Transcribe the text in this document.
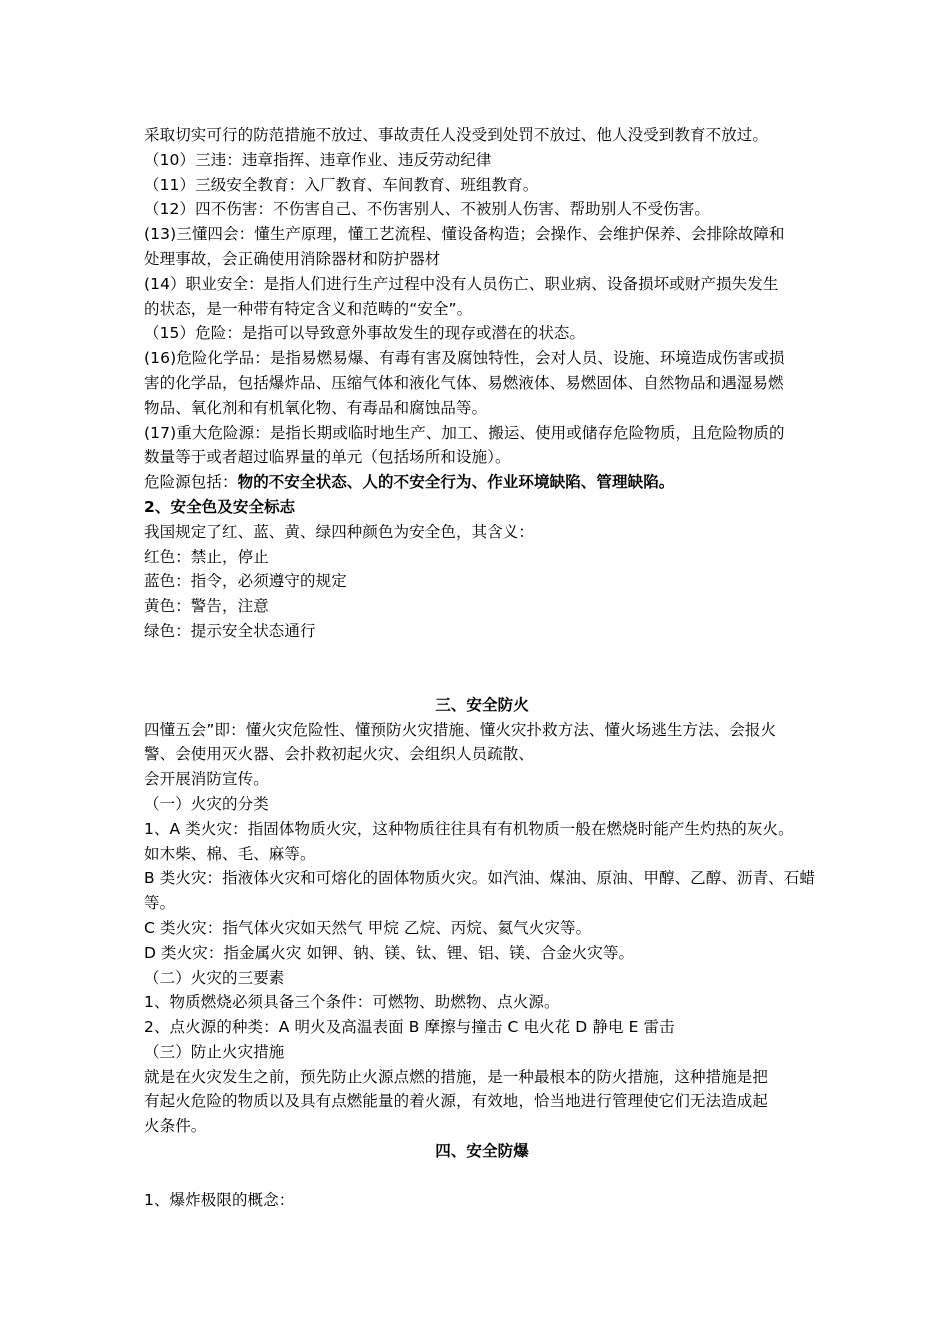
采取切实可行的防范措施不放过、事故责任人没受到处罚不放过、他人没受到教育不放过。
（10）三违：违章指挥、违章作业、违反劳动纪律
（11）三级安全教育：入厂教育、车间教育、班组教育。
（12）四不伤害：不伤害自己、不伤害别人、不被别人伤害、帮助别人不受伤害。
(13)三懂四会：懂生产原理，懂工艺流程、懂设备构造；会操作、会维护保养、会排除故障和
处理事故，会正确使用消除器材和防护器材
(14）职业安全：是指人们进行生产过程中没有人员伤亡、职业病、设备损坏或财产损失发生
的状态，是一种带有特定含义和范畴的“安全”。
（15）危险：是指可以导致意外事故发生的现存或潜在的状态。
(16)危险化学品：是指易燃易爆、有毒有害及腐蚀特性，会对人员、设施、环境造成伤害或损
害的化学品，包括爆炸品、压缩气体和液化气体、易燃液体、易燃固体、自然物品和遇湿易燃
物品、氧化剂和有机氧化物、有毒品和腐蚀品等。
(17)重大危险源：是指长期或临时地生产、加工、搬运、使用或储存危险物质，且危险物质的
数量等于或者超过临界量的单元（包括场所和设施）。
危险源包括：物的不安全状态、人的不安全行为、作业环境缺陷、管理缺陷。
2、安全色及安全标志
我国规定了红、蓝、黄、绿四种颜色为安全色，其含义：
红色：禁止，停止
蓝色：指令，必须遵守的规定
黄色：警告，注意
绿色：提示安全状态通行
三、安全防火
四懂五会”即：懂火灾危险性、懂预防火灾措施、懂火灾扑救方法、懂火场逃生方法、会报火
警、会使用灭火器、会扑救初起火灾、会组织人员疏散、
会开展消防宣传。
（一）火灾的分类
1、A 类火灾：指固体物质火灾，这种物质往往具有有机物质一般在燃烧时能产生灼热的灰火。
如木柴、棉、毛、麻等。
B 类火灾：指液体火灾和可熔化的固体物质火灾。如汽油、煤油、原油、甲醇、乙醇、沥青、石蜡
等。
C 类火灾：指气体火灾如天然气 甲烷 乙烷、丙烷、氦气火灾等。
D 类火灾：指金属火灾 如钾、钠、镁、钛、锂、铝、镁、合金火灾等。
（二）火灾的三要素
1、物质燃烧必须具备三个条件：可燃物、助燃物、点火源。
2、点火源的种类：A 明火及高温表面 B 摩擦与撞击 C 电火花 D 静电 E 雷击
（三）防止火灾措施
就是在火灾发生之前，预先防止火源点燃的措施，是一种最根本的防火措施，这种措施是把
有起火危险的物质以及具有点燃能量的着火源，有效地，恰当地进行管理使它们无法造成起
火条件。
四、安全防爆
1、爆炸极限的概念：
